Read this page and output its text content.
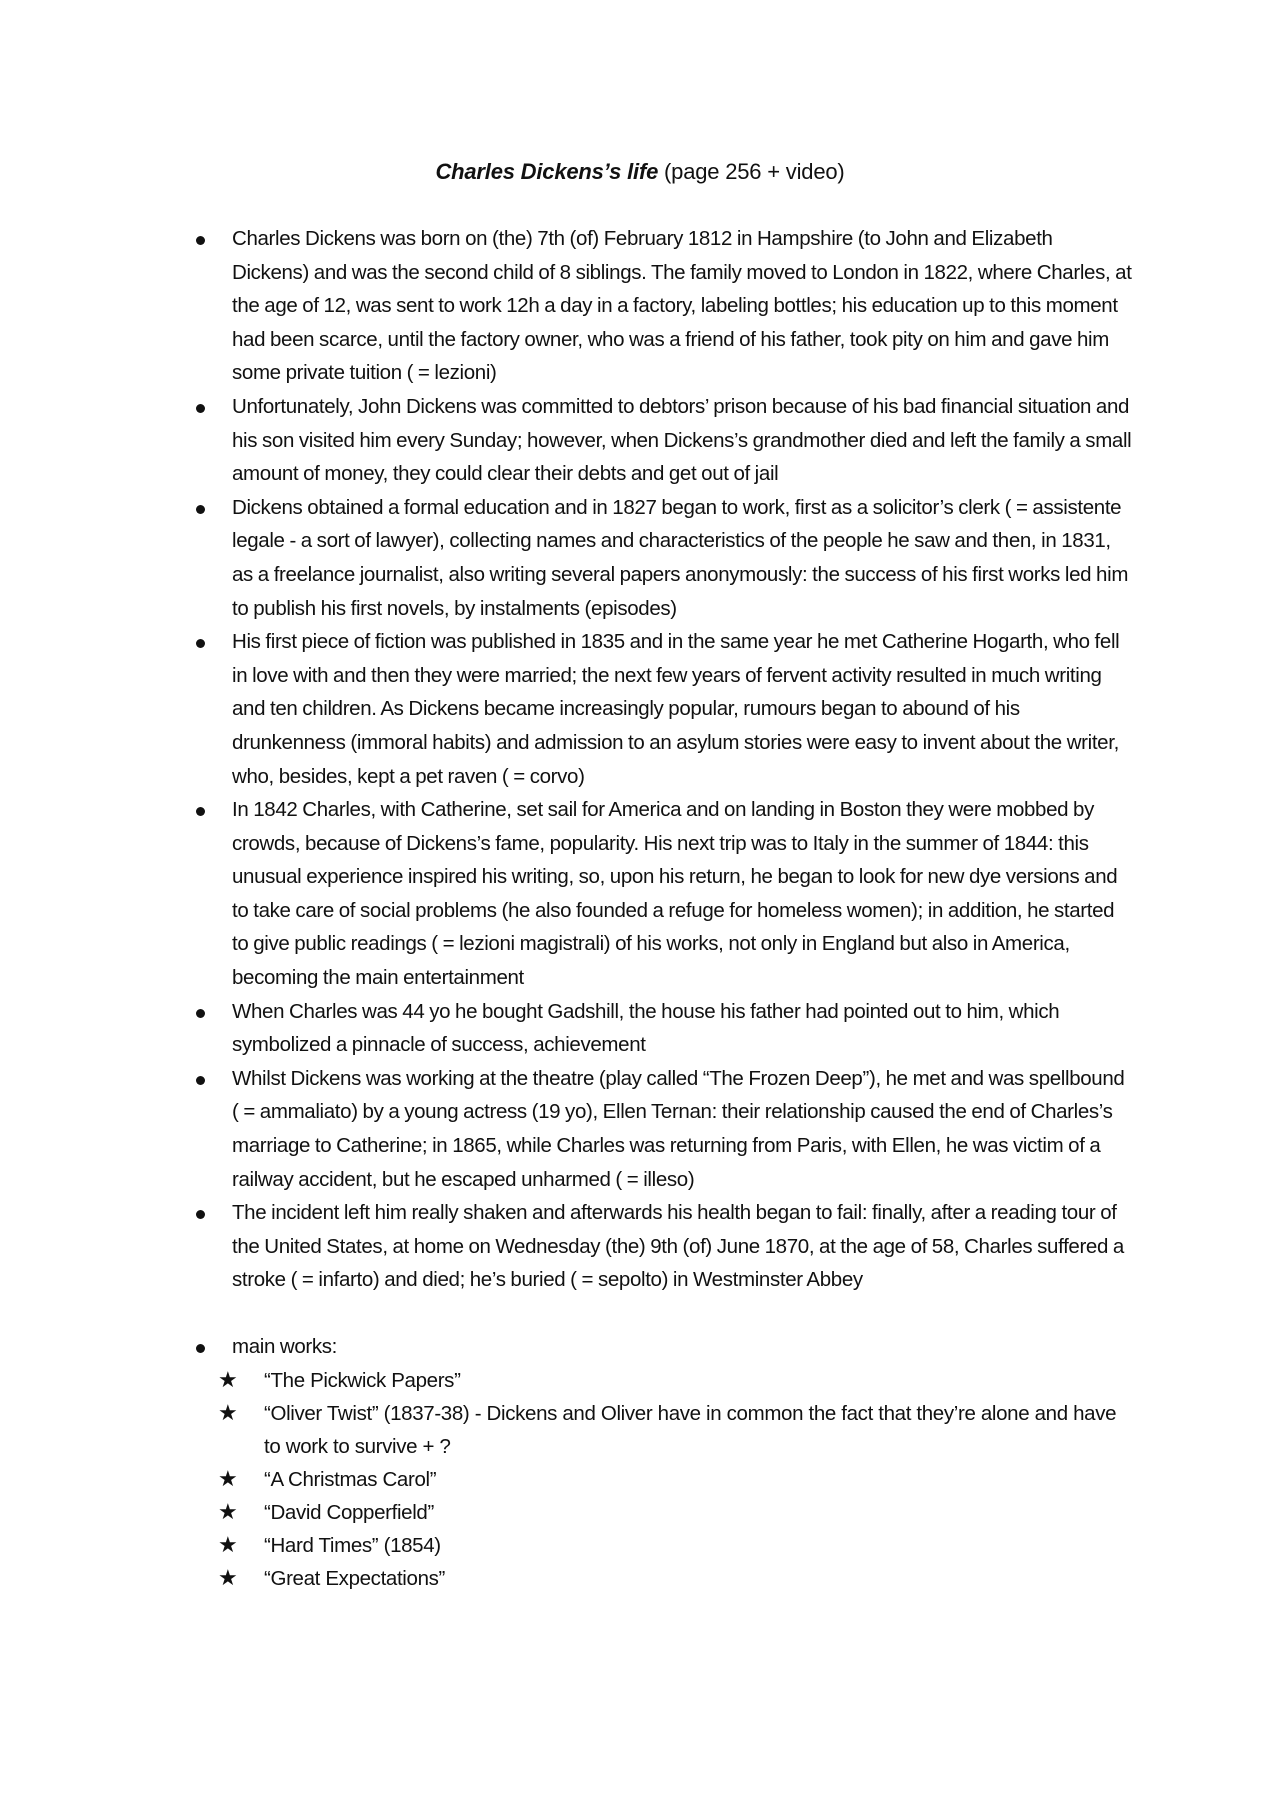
Charles Dickens’s life (page 256 + video)
Charles Dickens was born on (the) 7th (of) February 1812 in Hampshire (to John and Elizabeth Dickens) and was the second child of 8 siblings. The family moved to London in 1822, where Charles, at the age of 12, was sent to work 12h a day in a factory, labeling bottles; his education up to this moment had been scarce, until the factory owner, who was a friend of his father, took pity on him and gave him some private tuition ( = lezioni)
Unfortunately, John Dickens was committed to debtors’ prison because of his bad financial situation and his son visited him every Sunday; however, when Dickens’s grandmother died and left the family a small amount of money, they could clear their debts and get out of jail
Dickens obtained a formal education and in 1827 began to work, first as a solicitor’s clerk ( = assistente legale - a sort of lawyer), collecting names and characteristics of the people he saw and then, in 1831, as a freelance journalist, also writing several papers anonymously: the success of his first works led him to publish his first novels, by instalments (episodes)
His first piece of fiction was published in 1835 and in the same year he met Catherine Hogarth, who fell in love with and then they were married; the next few years of fervent activity resulted in much writing and ten children. As Dickens became increasingly popular, rumours began to abound of his drunkenness (immoral habits) and admission to an asylum stories were easy to invent about the writer, who, besides, kept a pet raven ( = corvo)
In 1842 Charles, with Catherine, set sail for America and on landing in Boston they were mobbed by crowds, because of Dickens’s fame, popularity. His next trip was to Italy in the summer of 1844: this unusual experience inspired his writing, so, upon his return, he began to look for new dye versions and to take care of social problems (he also founded a refuge for homeless women); in addition, he started to give public readings ( = lezioni magistrali) of his works, not only in England but also in America, becoming the main entertainment
When Charles was 44 yo he bought Gadshill, the house his father had pointed out to him, which symbolized a pinnacle of success, achievement
Whilst Dickens was working at the theatre (play called “The Frozen Deep”), he met and was spellbound ( = ammaliato) by a young actress (19 yo), Ellen Ternan: their relationship caused the end of Charles’s marriage to Catherine; in 1865, while Charles was returning from Paris, with Ellen, he was victim of a railway accident, but he escaped unharmed ( = illeso)
The incident left him really shaken and afterwards his health began to fail: finally, after a reading tour of the United States, at home on Wednesday (the) 9th (of) June 1870, at the age of 58, Charles suffered a stroke ( = infarto) and died; he’s buried ( = sepolto) in Westminster Abbey
main works:
★ “The Pickwick Papers”
★ “Oliver Twist” (1837-38) - Dickens and Oliver have in common the fact that they’re alone and have to work to survive + ?
★ “A Christmas Carol”
★ “David Copperfield”
★ “Hard Times” (1854)
★ “Great Expectations”
